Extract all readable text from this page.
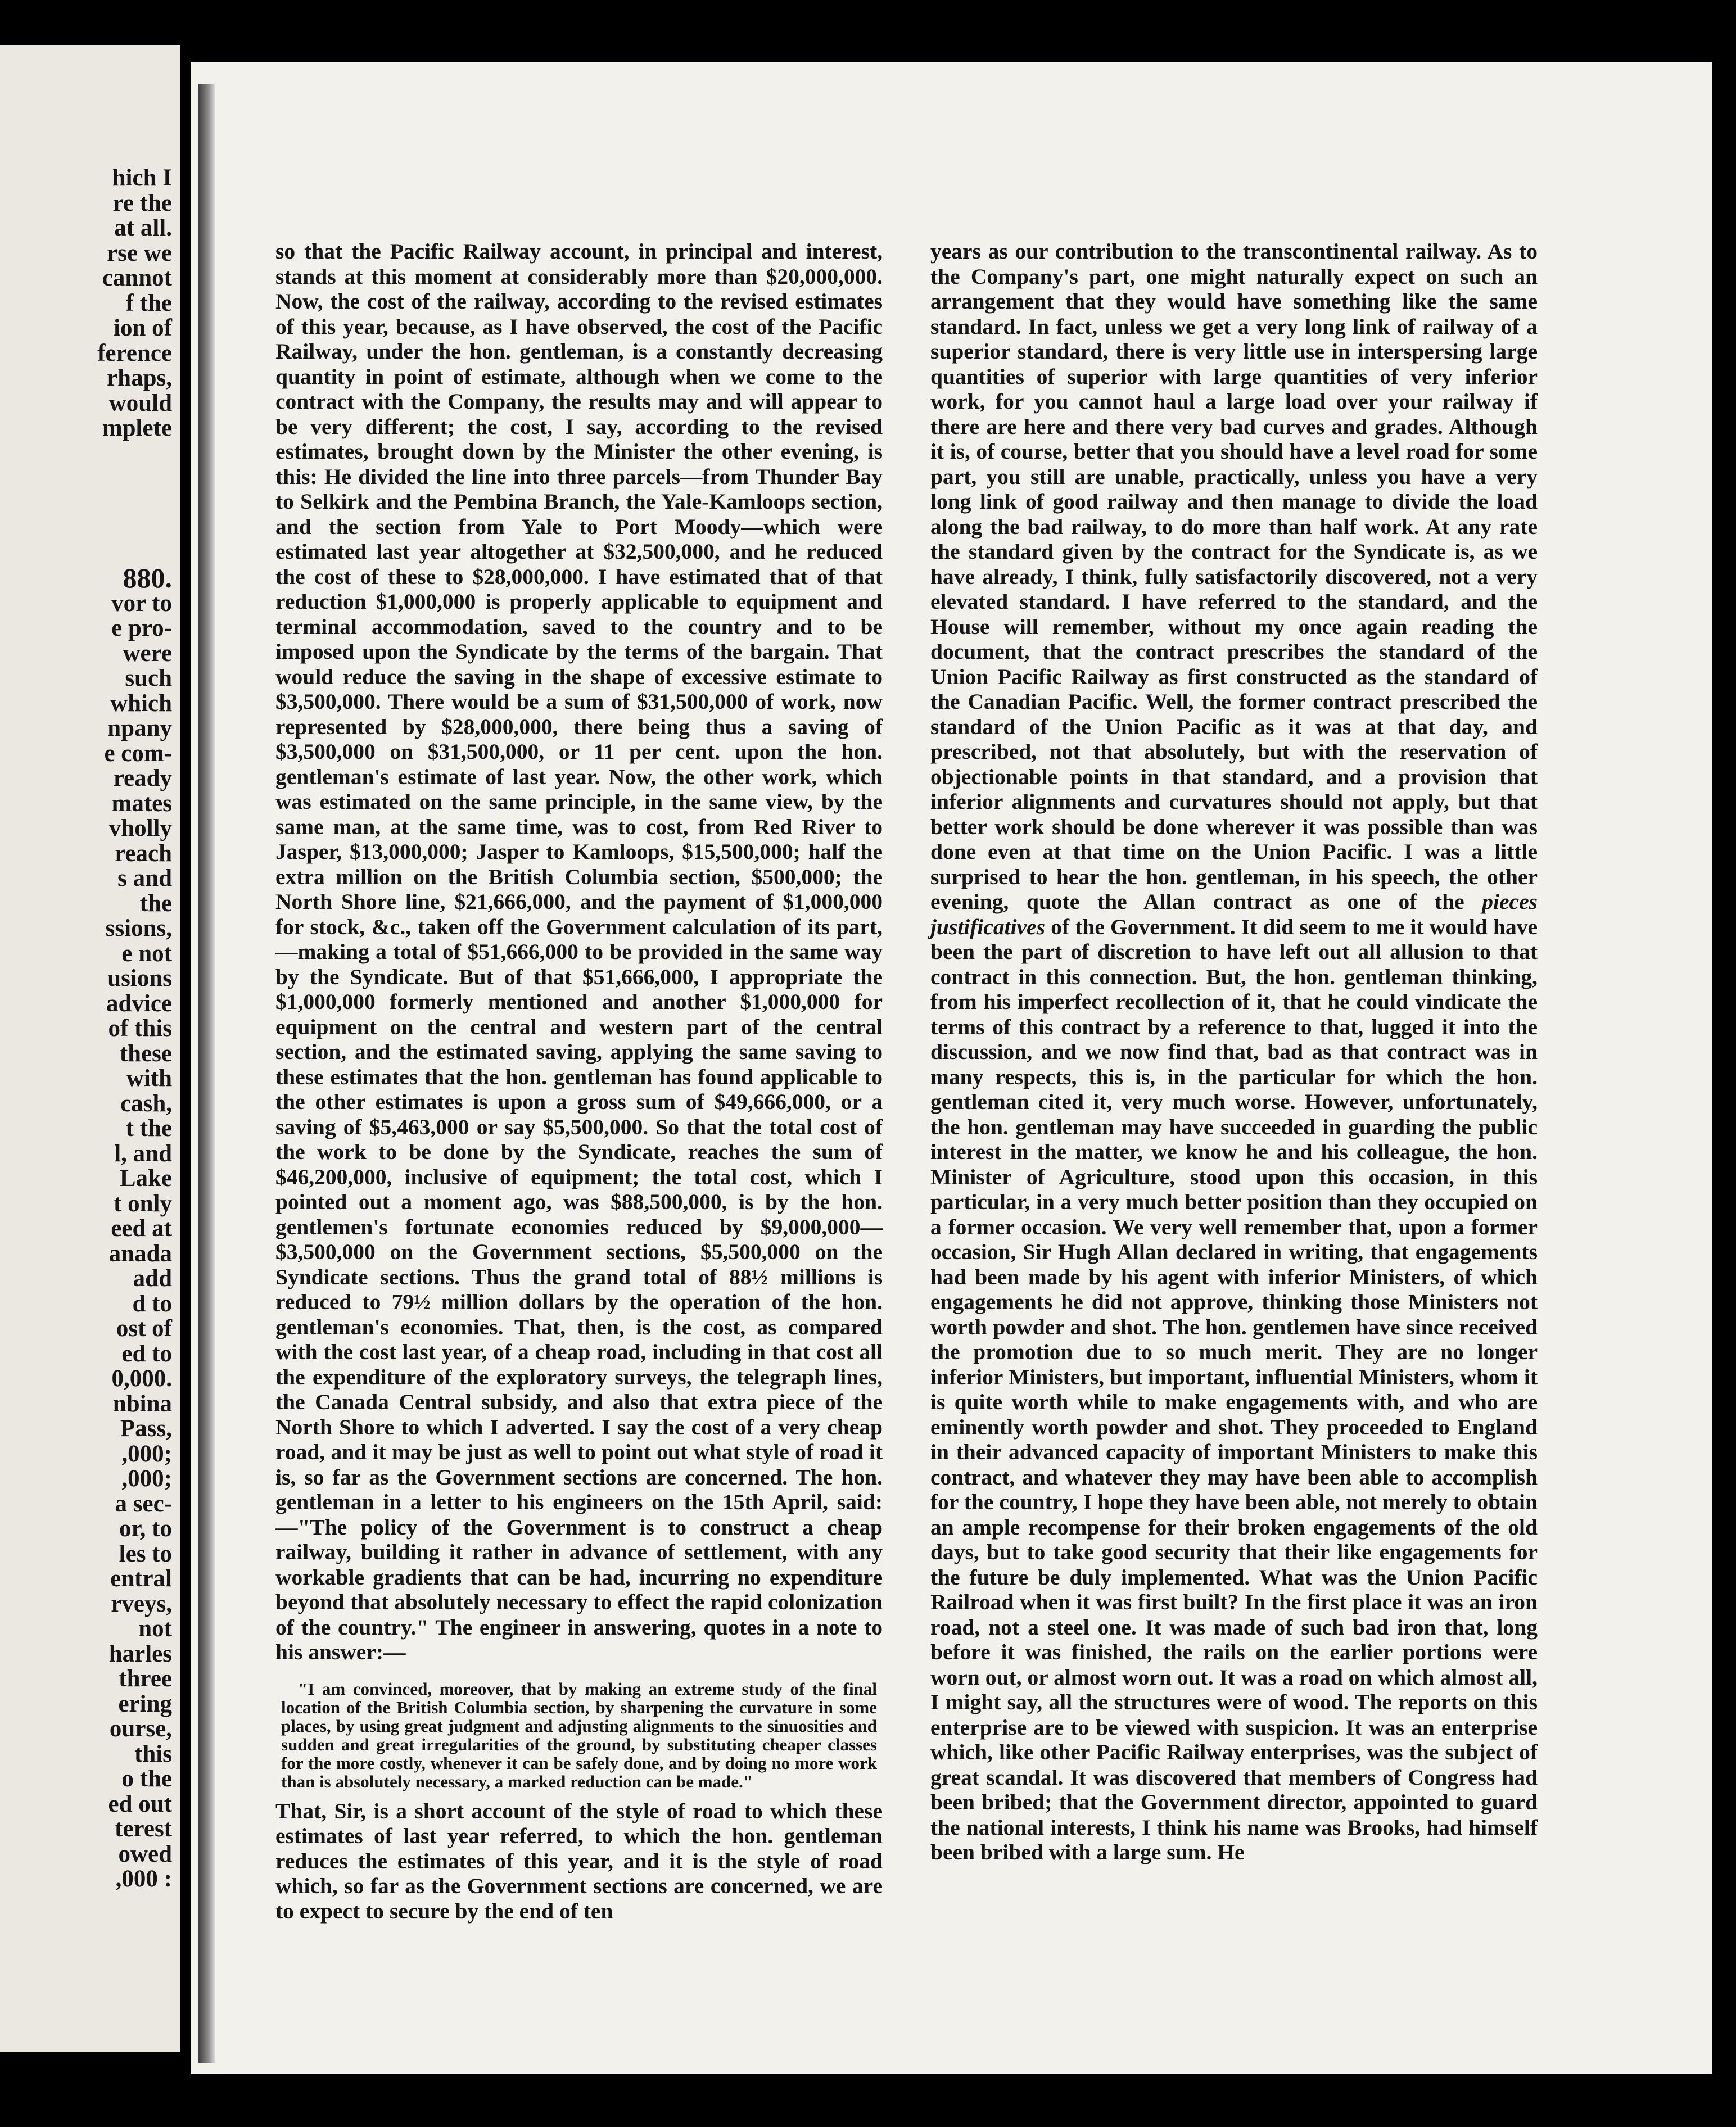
hich I
re the
at all.
rse we
cannot
f the
ion of
ference
rhaps,
would
mplete
880.
vor to
e pro-
were
such
which
npany
e com-
ready
mates
vholly
reach
s and
the
ssions,
e not
usions
advice
of this
these
with
cash,
t the
l, and
Lake
t only
eed at
anada
add
d to
ost of
ed to
0,000.
nbina
Pass,
,000;
,000;
a sec-
or, to
les to
entral
rveys,
not
harles
three
ering
ourse,
this
o the
ed out
terest
owed
,000 :

so that the Pacific Railway account, in principal and interest, stands at this moment at considerably more than $20,000,000. Now, the cost of the railway, according to the revised estimates of this year, because, as I have observed, the cost of the Pacific Railway, under the hon. gentleman, is a constantly decreasing quantity in point of estimate, although when we come to the contract with the Company, the results may and will appear to be very different; the cost, I say, according to the revised estimates, brought down by the Minister the other evening, is this: He divided the line into three parcels—from Thunder Bay to Selkirk and the Pembina Branch, the Yale-Kamloops section, and the section from Yale to Port Moody—which were estimated last year altogether at $32,500,000, and he reduced the cost of these to $28,000,000. I have estimated that of that reduction $1,000,000 is properly applicable to equipment and terminal accommodation, saved to the country and to be imposed upon the Syndicate by the terms of the bargain. That would reduce the saving in the shape of excessive estimate to $3,500,000. There would be a sum of $31,500,000 of work, now represented by $28,000,000, there being thus a saving of $3,500,000 on $31,500,000, or 11 per cent. upon the hon. gentleman's estimate of last year. Now, the other work, which was estimated on the same principle, in the same view, by the same man, at the same time, was to cost, from Red River to Jasper, $13,000,000; Jasper to Kamloops, $15,500,000; half the extra million on the British Columbia section, $500,000; the North Shore line, $21,666,000, and the payment of $1,000,000 for stock, &c., taken off the Government calculation of its part,—making a total of $51,666,000 to be provided in the same way by the Syndicate. But of that $51,666,000, I appropriate the $1,000,000 formerly mentioned and another $1,000,000 for equipment on the central and western part of the central section, and the estimated saving, applying the same saving to these estimates that the hon. gentleman has found applicable to the other estimates is upon a gross sum of $49,666,000, or a saving of $5,463,000 or say $5,500,000. So that the total cost of the work to be done by the Syndicate, reaches the sum of $46,200,000, inclusive of equipment; the total cost, which I pointed out a moment ago, was $88,500,000, is by the hon. gentlemen's fortunate economies reduced by $9,000,000—$3,500,000 on the Government sections, $5,500,000 on the Syndicate sections. Thus the grand total of 88½ millions is reduced to 79½ million dollars by the operation of the hon. gentleman's economies. That, then, is the cost, as compared with the cost last year, of a cheap road, including in that cost all the expenditure of the exploratory surveys, the telegraph lines, the Canada Central subsidy, and also that extra piece of the North Shore to which I adverted. I say the cost of a very cheap road, and it may be just as well to point out what style of road it is, so far as the Government sections are concerned. The hon. gentleman in a letter to his engineers on the 15th April, said:—"The policy of the Government is to construct a cheap railway, building it rather in advance of settlement, with any workable gradients that can be had, incurring no expenditure beyond that absolutely necessary to effect the rapid colonization of the country." The engineer in answering, quotes in a note to his answer:—

"I am convinced, moreover, that by making an extreme study of the final location of the British Columbia section, by sharpening the curvature in some places, by using great judgment and adjusting alignments to the sinuosities and sudden and great irregularities of the ground, by substituting cheaper classes for the more costly, whenever it can be safely done, and by doing no more work than is absolutely necessary, a marked reduction can be made."

That, Sir, is a short account of the style of road to which these estimates of last year referred, to which the hon. gentleman reduces the estimates of this year, and it is the style of road which, so far as the Government sections are concerned, we are to expect to secure by the end of ten

years as our contribution to the transcontinental railway. As to the Company's part, one might naturally expect on such an arrangement that they would have something like the same standard. In fact, unless we get a very long link of railway of a superior standard, there is very little use in interspersing large quantities of superior with large quantities of very inferior work, for you cannot haul a large load over your railway if there are here and there very bad curves and grades. Although it is, of course, better that you should have a level road for some part, you still are unable, practically, unless you have a very long link of good railway and then manage to divide the load along the bad railway, to do more than half work. At any rate the standard given by the contract for the Syndicate is, as we have already, I think, fully satisfactorily discovered, not a very elevated standard. I have referred to the standard, and the House will remember, without my once again reading the document, that the contract prescribes the standard of the Union Pacific Railway as first constructed as the standard of the Canadian Pacific. Well, the former contract prescribed the standard of the Union Pacific as it was at that day, and prescribed, not that absolutely, but with the reservation of objectionable points in that standard, and a provision that inferior alignments and curvatures should not apply, but that better work should be done wherever it was possible than was done even at that time on the Union Pacific. I was a little surprised to hear the hon. gentleman, in his speech, the other evening, quote the Allan contract as one of the pieces justificatives of the Government. It did seem to me it would have been the part of discretion to have left out all allusion to that contract in this connection. But, the hon. gentleman thinking, from his imperfect recollection of it, that he could vindicate the terms of this contract by a reference to that, lugged it into the discussion, and we now find that, bad as that contract was in many respects, this is, in the particular for which the hon. gentleman cited it, very much worse. However, unfortunately, the hon. gentleman may have succeeded in guarding the public interest in the matter, we know he and his colleague, the hon. Minister of Agriculture, stood upon this occasion, in this particular, in a very much better position than they occupied on a former occasion. We very well remember that, upon a former occasion, Sir Hugh Allan declared in writing, that engagements had been made by his agent with inferior Ministers, of which engagements he did not approve, thinking those Ministers not worth powder and shot. The hon. gentlemen have since received the promotion due to so much merit. They are no longer inferior Ministers, but important, influential Ministers, whom it is quite worth while to make engagements with, and who are eminently worth powder and shot. They proceeded to England in their advanced capacity of important Ministers to make this contract, and whatever they may have been able to accomplish for the country, I hope they have been able, not merely to obtain an ample recompense for their broken engagements of the old days, but to take good security that their like engagements for the future be duly implemented. What was the Union Pacific Railroad when it was first built? In the first place it was an iron road, not a steel one. It was made of such bad iron that, long before it was finished, the rails on the earlier portions were worn out, or almost worn out. It was a road on which almost all, I might say, all the structures were of wood. The reports on this enterprise are to be viewed with suspicion. It was an enterprise which, like other Pacific Railway enterprises, was the subject of great scandal. It was discovered that members of Congress had been bribed; that the Government director, appointed to guard the national interests, I think his name was Brooks, had himself been bribed with a large sum. He
